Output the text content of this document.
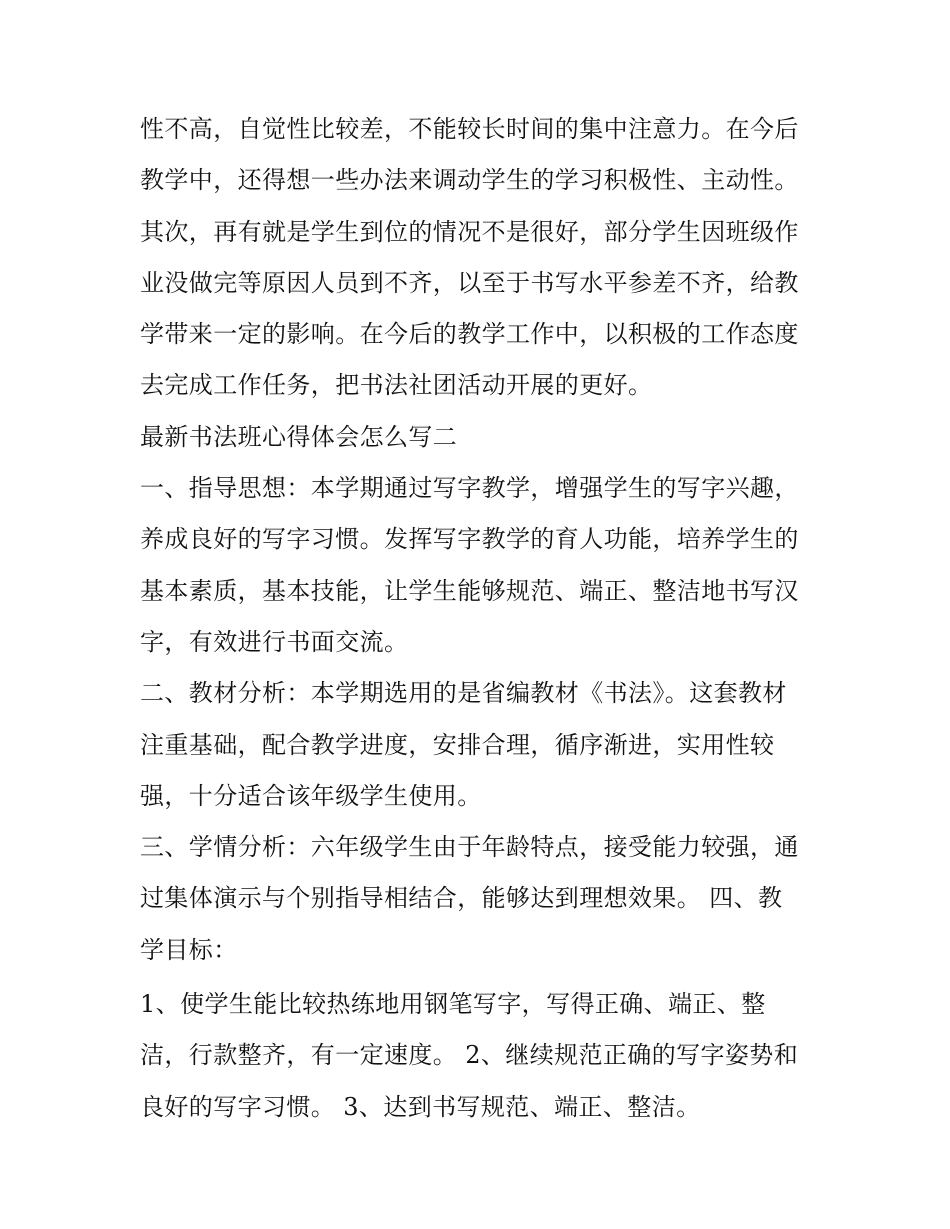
性不高，自觉性比较差，不能较长时间的集中注意力。在今后
教学中，还得想一些办法来调动学生的学习积极性、主动性。
其次，再有就是学生到位的情况不是很好，部分学生因班级作
业没做完等原因人员到不齐，以至于书写水平参差不齐，给教
学带来一定的影响。在今后的教学工作中，以积极的工作态度
去完成工作任务，把书法社团活动开展的更好。
最新书法班心得体会怎么写二
一、指导思想：本学期通过写字教学，增强学生的写字兴趣，
养成良好的写字习惯。发挥写字教学的育人功能，培养学生的
基本素质，基本技能，让学生能够规范、端正、整洁地书写汉
字，有效进行书面交流。
二、教材分析：本学期选用的是省编教材《书法》。这套教材
注重基础，配合教学进度，安排合理，循序渐进，实用性较
强，十分适合该年级学生使用。
三、学情分析：六年级学生由于年龄特点，接受能力较强，通
过集体演示与个别指导相结合，能够达到理想效果。 四、教
学目标：
1、使学生能比较热练地用钢笔写字，写得正确、端正、整
洁，行款整齐，有一定速度。 2、继续规范正确的写字姿势和
良好的写字习惯。 3、达到书写规范、端正、整洁。
